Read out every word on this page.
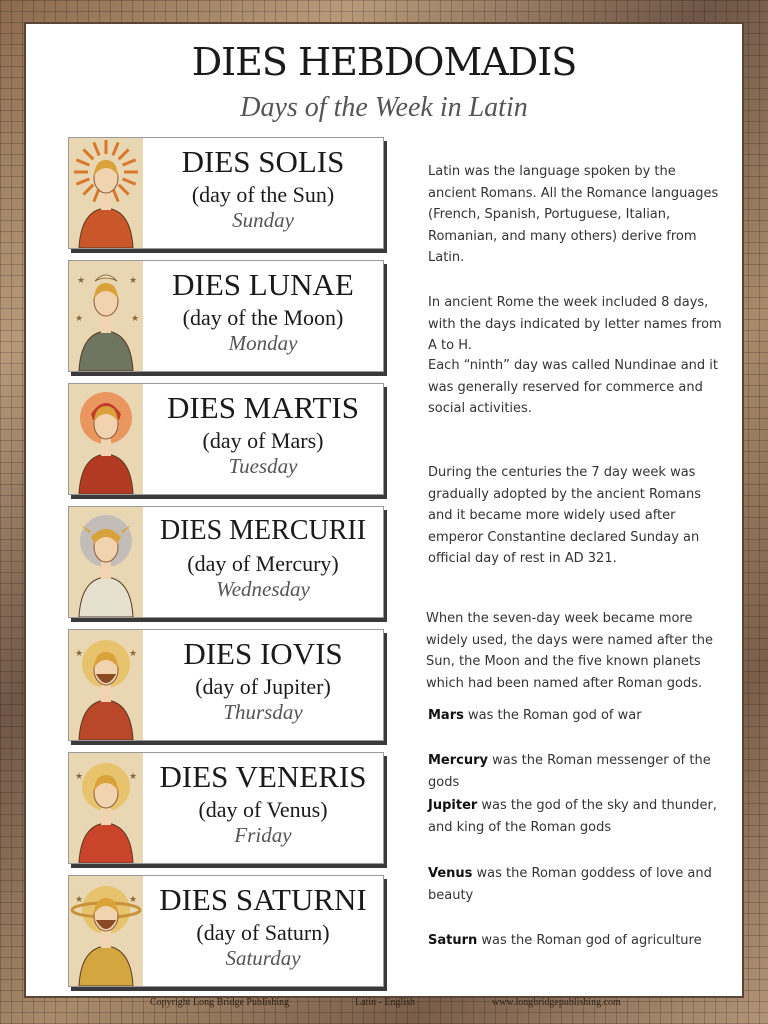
DIES HEBDOMADIS
Days of the Week in Latin
DIES SOLIS
(day of the Sun)
Sunday
★	★
★	★
DIES LUNAE
(day of the Moon)
Monday
DIES MARTIS
(day of Mars)
Tuesday
DIES MERCURII
(day of Mercury)
Wednesday
★	★	DIES IOVIS
(day of Jupiter)
Thursday
★	★ DIES VENERIS
(day of Venus)
Friday
★	★ DIES SATURNI
(day of Saturn)
Saturday
Latin was the language spoken by the ancient Romans. All the Romance languages (French, Spanish, Portuguese, Italian, Romanian, and many others) derive from Latin.
In ancient Rome the week included 8 days, with the days indicated by letter names from A to H.
Each “ninth” day was called Nundinae and it was generally reserved for commerce and social activities.
During the centuries the 7 day week was gradually adopted by the ancient Romans and it became more widely used after emperor Constantine declared Sunday an official day of rest in AD 321.
When the seven-day week became more widely used, the days were named after the Sun, the Moon and the five known planets which had been named after Roman gods.
Mars was the Roman god of war
Mercury was the Roman messenger of the gods
Jupiter was the god of the sky and thunder, and king of the Roman gods
Venus was the Roman goddess of love and beauty
Saturn was the Roman god of agriculture
Copyright Long Bridge Publishing	Latin - English	www.longbridgepublishing.com
